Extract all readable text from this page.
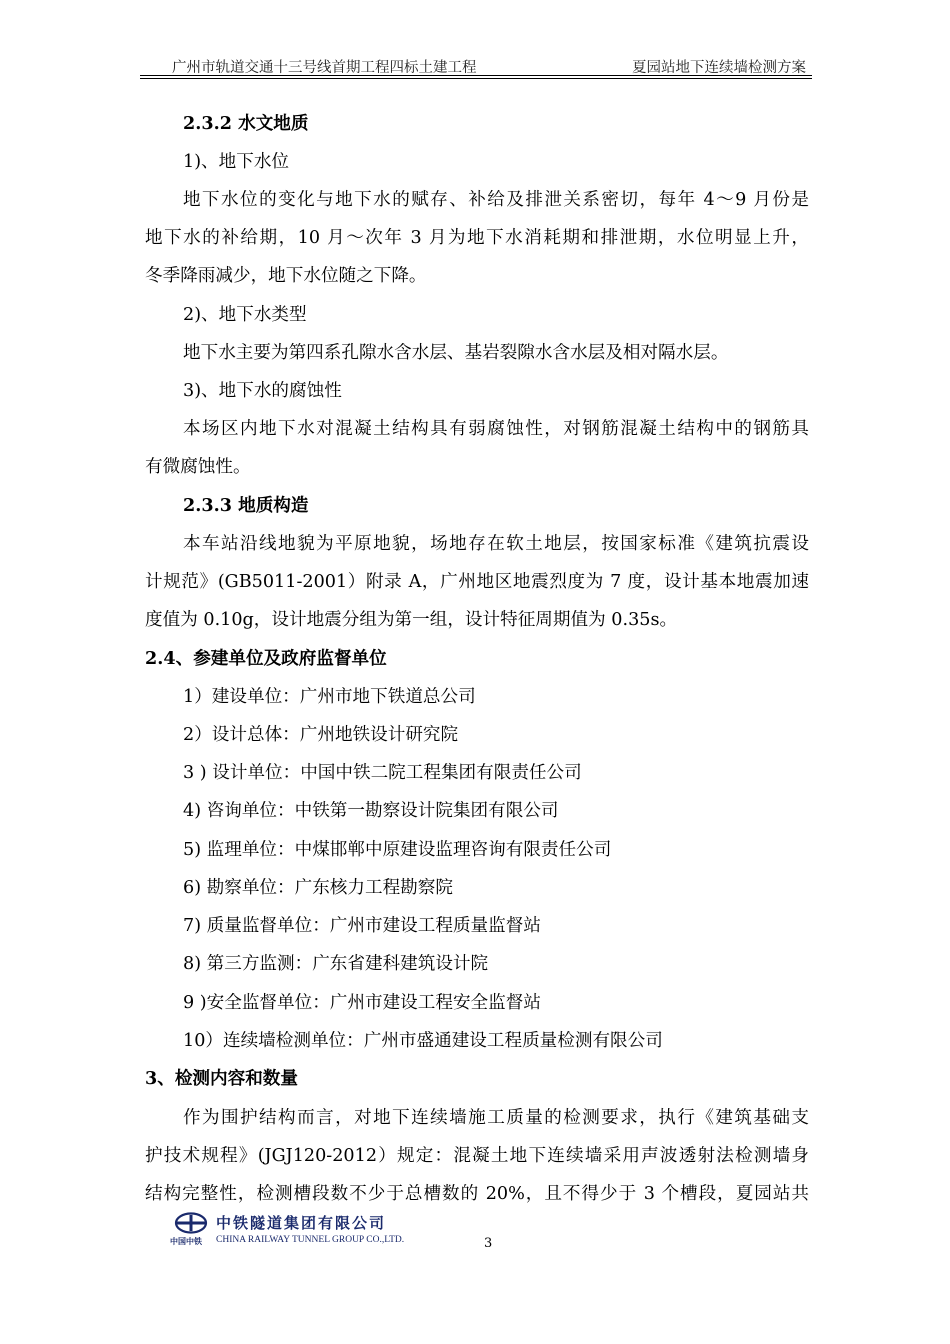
广州市轨道交通十三号线首期工程四标土建工程	夏园站地下连续墙检测方案
2.3.2 水文地质
1)、地下水位
地下水位的变化与地下水的赋存、补给及排泄关系密切，每年 4～9 月份是
地下水的补给期，10 月～次年 3 月为地下水消耗期和排泄期，水位明显上升，
冬季降雨减少，地下水位随之下降。
2)、地下水类型
地下水主要为第四系孔隙水含水层、基岩裂隙水含水层及相对隔水层。
3)、地下水的腐蚀性
本场区内地下水对混凝土结构具有弱腐蚀性，对钢筋混凝土结构中的钢筋具
有微腐蚀性。
2.3.3 地质构造
本车站沿线地貌为平原地貌，场地存在软土地层，按国家标准《建筑抗震设
计规范》(GB5011-2001）附录 A，广州地区地震烈度为 7 度，设计基本地震加速
度值为 0.10g，设计地震分组为第一组，设计特征周期值为 0.35s。
2.4、参建单位及政府监督单位
1）建设单位：广州市地下铁道总公司
2）设计总体：广州地铁设计研究院
3 ) 设计单位：中国中铁二院工程集团有限责任公司
4) 咨询单位：中铁第一勘察设计院集团有限公司
5) 监理单位：中煤邯郸中原建设监理咨询有限责任公司
6) 勘察单位：广东核力工程勘察院
7) 质量监督单位：广州市建设工程质量监督站
8) 第三方监测：广东省建科建筑设计院
9 )安全监督单位：广州市建设工程安全监督站
10）连续墙检测单位：广州市盛通建设工程质量检测有限公司
3、检测内容和数量
作为围护结构而言，对地下连续墙施工质量的检测要求，执行《建筑基础支
护技术规程》(JGJ120-2012）规定：混凝土地下连续墙采用声波透射法检测墙身
结构完整性，检测槽段数不少于总槽数的 20%，且不得少于 3 个槽段，夏园站共
中铁隧道集团有限公司
中国中铁 CHINA RAILWAY TUNNEL GROUP CO.,LTD.	3
